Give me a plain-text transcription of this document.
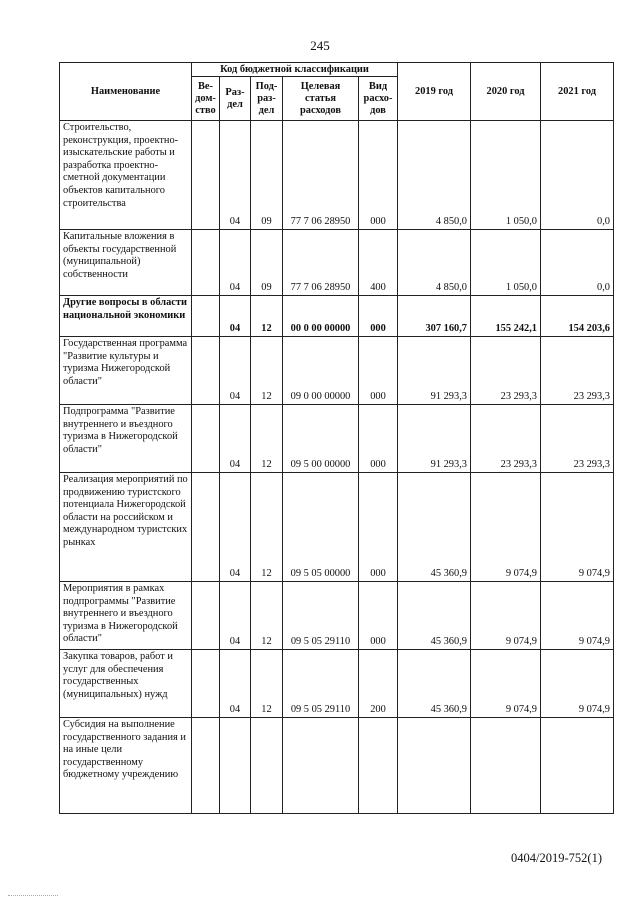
245
Наименование	Код бюджетной классификации					2019 год	2020 год	2021 год
	Ве-дом-ство	Раз-дел	Под-раз-дел	Целевая статья расходов	Вид расхо-дов			
Строительство, реконструкция, проектно-изыскательские работы и разработка проектно-сметной документации объектов капитального строительства		04	09	77 7 06 28950	000	4 850,0	1 050,0	0,0
Капитальные вложения в объекты государственной (муниципальной) собственности		04	09	77 7 06 28950	400	4 850,0	1 050,0	0,0
Другие вопросы в области национальной экономики		04	12	00 0 00 00000	000	307 160,7	155 242,1	154 203,6
Государственная программа "Развитие культуры и туризма Нижегородской области"		04	12	09 0 00 00000	000	91 293,3	23 293,3	23 293,3
Подпрограмма "Развитие внутреннего и въездного туризма в Нижегородской области"		04	12	09 5 00 00000	000	91 293,3	23 293,3	23 293,3
Реализация мероприятий по продвижению туристского потенциала Нижегородской области на российском и международном туристских рынках		04	12	09 5 05 00000	000	45 360,9	9 074,9	9 074,9
Мероприятия в рамках подпрограммы "Развитие внутреннего и въездного туризма в Нижегородской области"		04	12	09 5 05 29110	000	45 360,9	9 074,9	9 074,9
Закупка товаров, работ и услуг для обеспечения государственных (муниципальных) нужд		04	12	09 5 05 29110	200	45 360,9	9 074,9	9 074,9
Субсидия на выполнение государственного задания и на иные цели государственному бюджетному учреждению								
0404/2019-752(1)
